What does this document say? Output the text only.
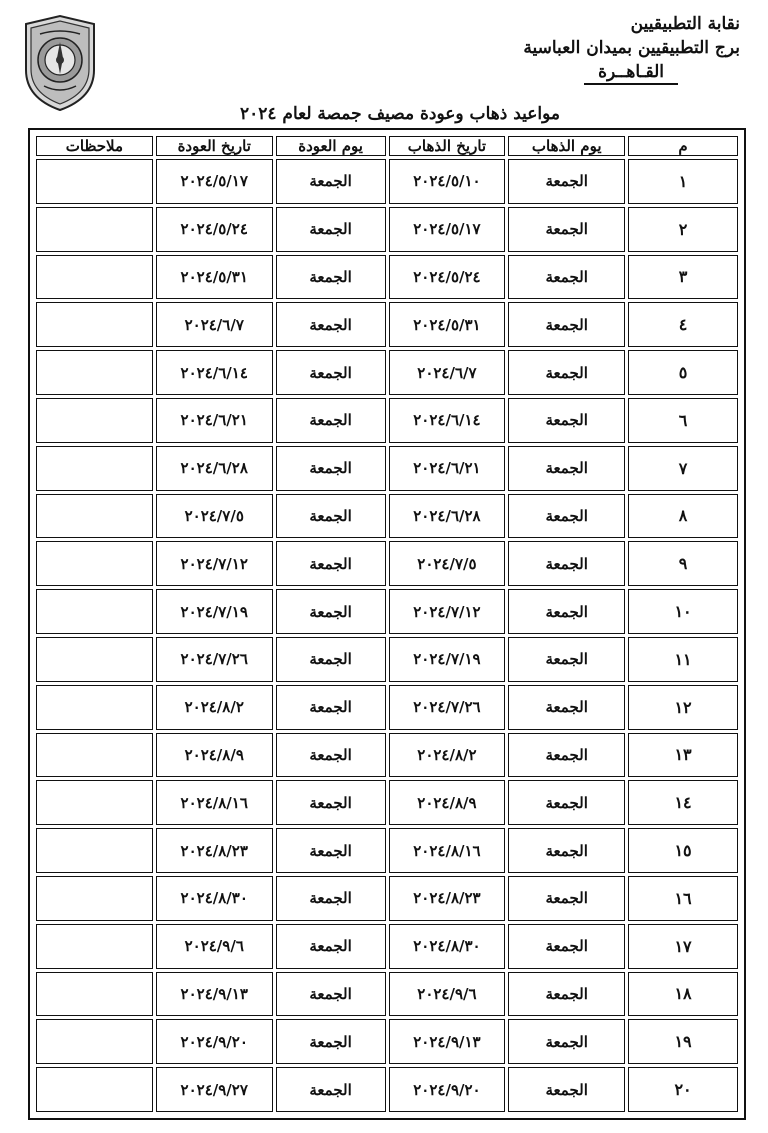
نقابة التطبيقيين
برج التطبيقيين بميدان العباسية
القـاهــرة
مواعيد ذهاب وعودة مصيف جمصة لعام ٢٠٢٤
م	يوم الذهاب	تاريخ الذهاب	يوم العودة	تاريخ العودة	ملاحظات
١	الجمعة	٢٠٢٤/٥/١٠	الجمعة	٢٠٢٤/٥/١٧	
٢	الجمعة	٢٠٢٤/٥/١٧	الجمعة	٢٠٢٤/٥/٢٤	
٣	الجمعة	٢٠٢٤/٥/٢٤	الجمعة	٢٠٢٤/٥/٣١	
٤	الجمعة	٢٠٢٤/٥/٣١	الجمعة	٢٠٢٤/٦/٧	
٥	الجمعة	٢٠٢٤/٦/٧	الجمعة	٢٠٢٤/٦/١٤	
٦	الجمعة	٢٠٢٤/٦/١٤	الجمعة	٢٠٢٤/٦/٢١	
٧	الجمعة	٢٠٢٤/٦/٢١	الجمعة	٢٠٢٤/٦/٢٨	
٨	الجمعة	٢٠٢٤/٦/٢٨	الجمعة	٢٠٢٤/٧/٥	
٩	الجمعة	٢٠٢٤/٧/٥	الجمعة	٢٠٢٤/٧/١٢	
١٠	الجمعة	٢٠٢٤/٧/١٢	الجمعة	٢٠٢٤/٧/١٩	
١١	الجمعة	٢٠٢٤/٧/١٩	الجمعة	٢٠٢٤/٧/٢٦	
١٢	الجمعة	٢٠٢٤/٧/٢٦	الجمعة	٢٠٢٤/٨/٢	
١٣	الجمعة	٢٠٢٤/٨/٢	الجمعة	٢٠٢٤/٨/٩	
١٤	الجمعة	٢٠٢٤/٨/٩	الجمعة	٢٠٢٤/٨/١٦	
١٥	الجمعة	٢٠٢٤/٨/١٦	الجمعة	٢٠٢٤/٨/٢٣	
١٦	الجمعة	٢٠٢٤/٨/٢٣	الجمعة	٢٠٢٤/٨/٣٠	
١٧	الجمعة	٢٠٢٤/٨/٣٠	الجمعة	٢٠٢٤/٩/٦	
١٨	الجمعة	٢٠٢٤/٩/٦	الجمعة	٢٠٢٤/٩/١٣	
١٩	الجمعة	٢٠٢٤/٩/١٣	الجمعة	٢٠٢٤/٩/٢٠	
٢٠	الجمعة	٢٠٢٤/٩/٢٠	الجمعة	٢٠٢٤/٩/٢٧	
